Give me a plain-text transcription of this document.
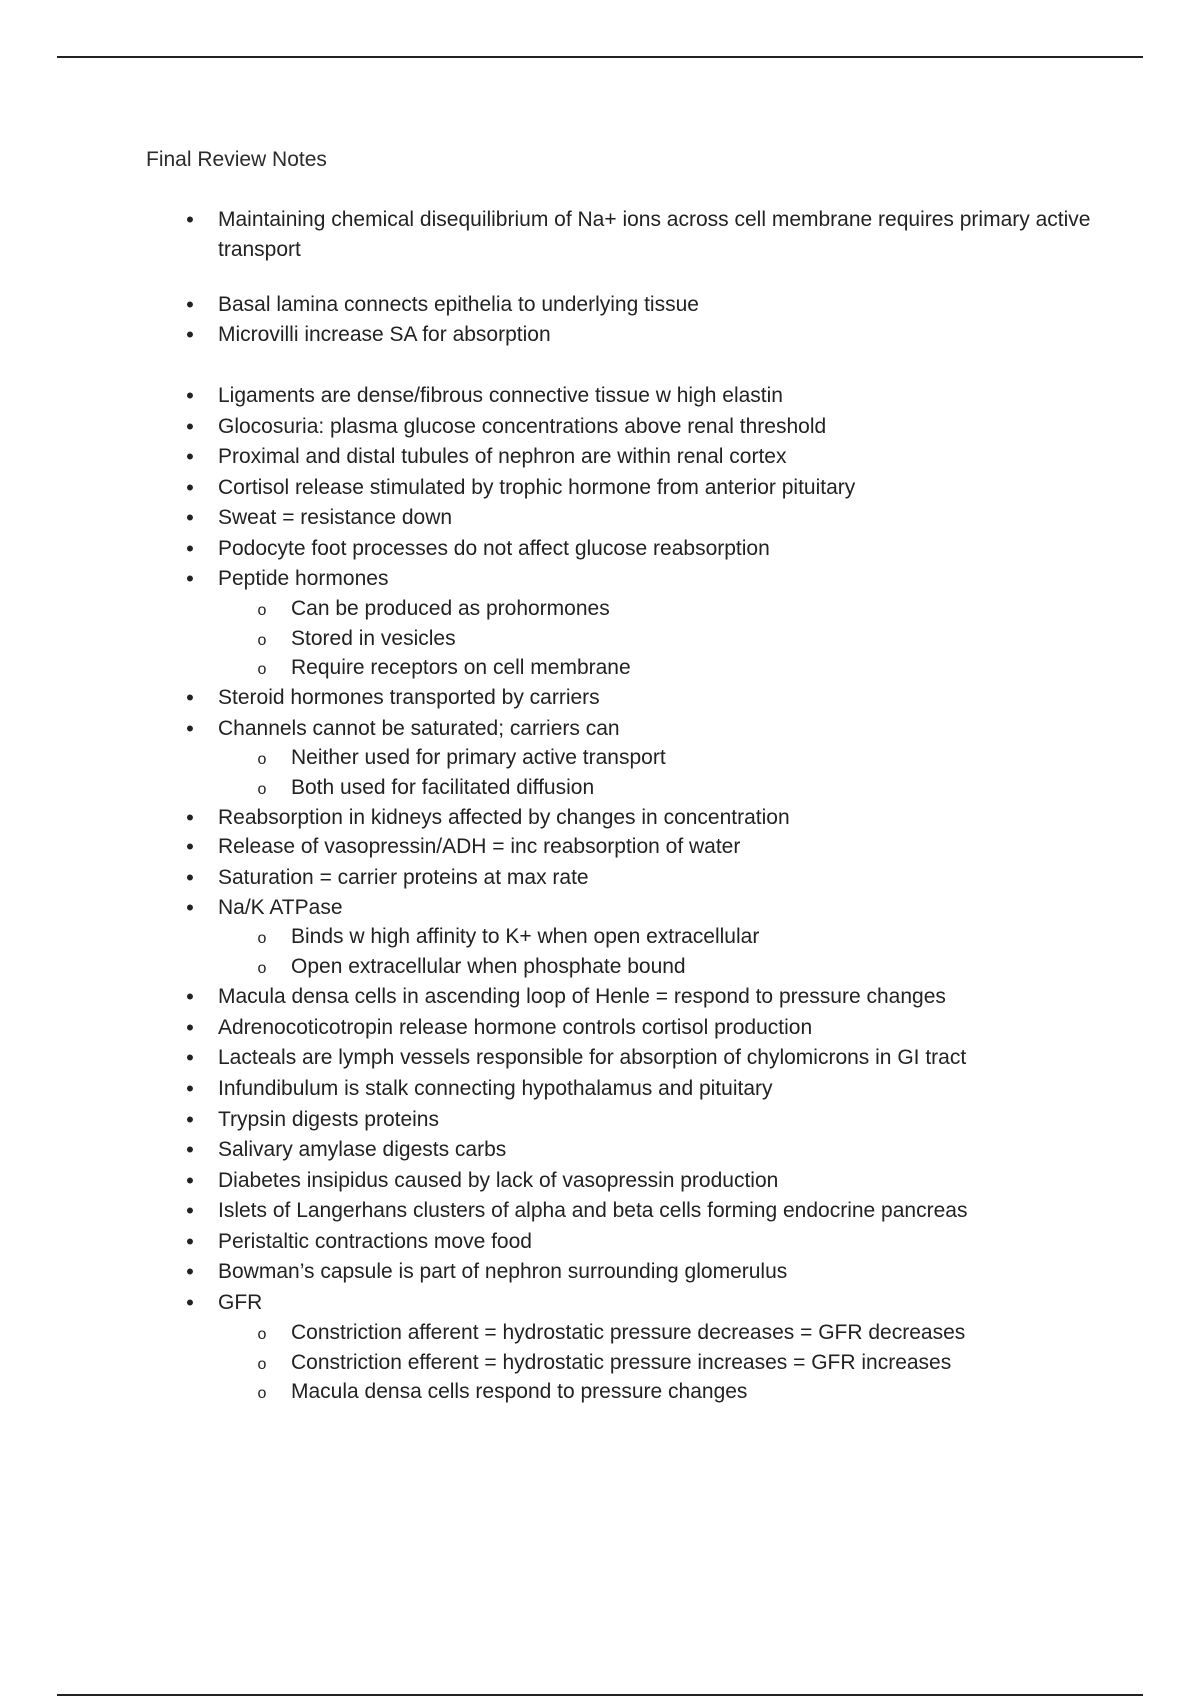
Final Review Notes
• Maintaining chemical disequilibrium of Na+ ions across cell membrane requires primary active transport
• Basal lamina connects epithelia to underlying tissue
• Microvilli increase SA for absorption
• Ligaments are dense/fibrous connective tissue w high elastin
• Glocosuria: plasma glucose concentrations above renal threshold
• Proximal and distal tubules of nephron are within renal cortex
• Cortisol release stimulated by trophic hormone from anterior pituitary
• Sweat = resistance down
• Podocyte foot processes do not affect glucose reabsorption
• Peptide hormones
o Can be produced as prohormones
o Stored in vesicles
o Require receptors on cell membrane
• Steroid hormones transported by carriers
• Channels cannot be saturated; carriers can
o Neither used for primary active transport
o Both used for facilitated diffusion
• Reabsorption in kidneys affected by changes in concentration
• Release of vasopressin/ADH = inc reabsorption of water
• Saturation = carrier proteins at max rate
• Na/K ATPase
o Binds w high affinity to K+ when open extracellular
o Open extracellular when phosphate bound
• Macula densa cells in ascending loop of Henle = respond to pressure changes
• Adrenocoticotropin release hormone controls cortisol production
• Lacteals are lymph vessels responsible for absorption of chylomicrons in GI tract
• Infundibulum is stalk connecting hypothalamus and pituitary
• Trypsin digests proteins
• Salivary amylase digests carbs
• Diabetes insipidus caused by lack of vasopressin production
• Islets of Langerhans clusters of alpha and beta cells forming endocrine pancreas
• Peristaltic contractions move food
• Bowman’s capsule is part of nephron surrounding glomerulus
• GFR
o Constriction afferent = hydrostatic pressure decreases = GFR decreases
o Constriction efferent = hydrostatic pressure increases = GFR increases
o Macula densa cells respond to pressure changes
